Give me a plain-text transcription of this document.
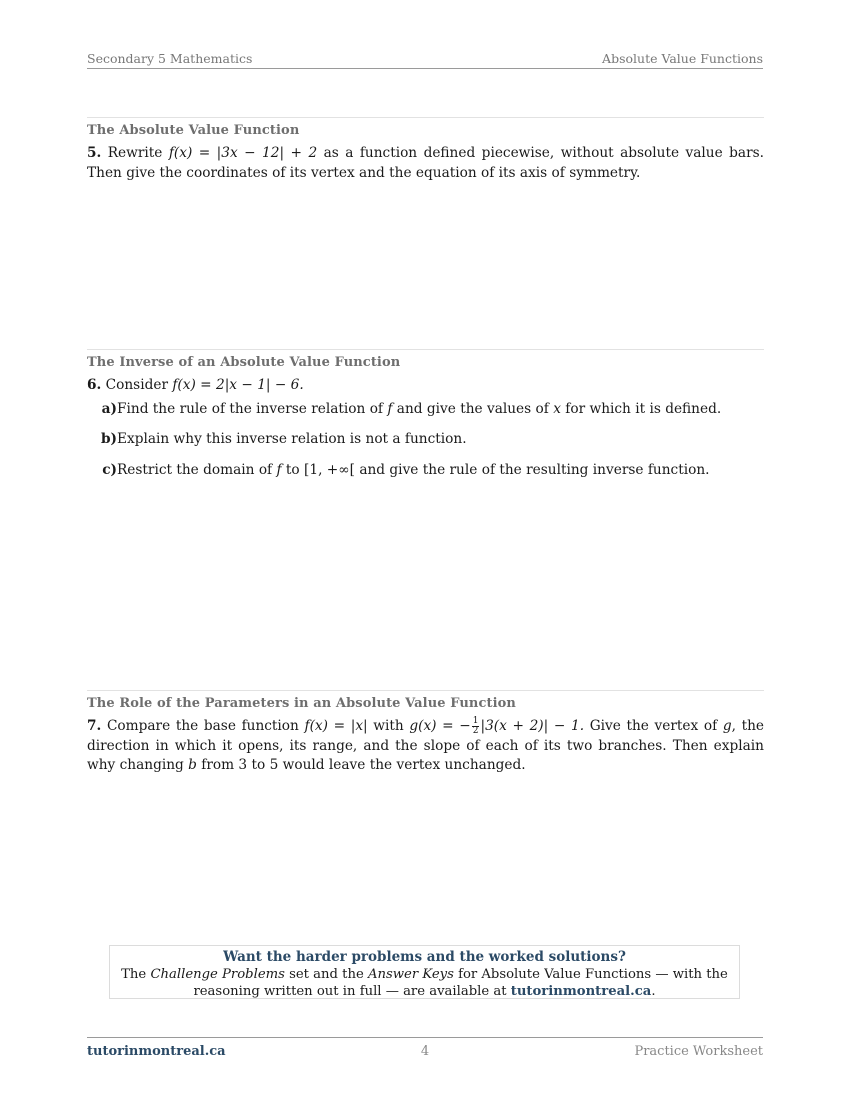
Secondary 5 Mathematics	Absolute Value Functions
The Absolute Value Function
5. Rewrite f(x) = |3x − 12| + 2 as a function defined piecewise, without absolute value bars. Then give the coordinates of its vertex and the equation of its axis of symmetry.
The Inverse of an Absolute Value Function
6. Consider f(x) = 2|x − 1| − 6.
a) Find the rule of the inverse relation of f and give the values of x for which it is defined.
b) Explain why this inverse relation is not a function.
c) Restrict the domain of f to [1, +∞[ and give the rule of the resulting inverse function.
The Role of the Parameters in an Absolute Value Function
7. Compare the base function f(x) = |x| with g(x) = − $\frac{1}{2} |3(x + 2)| - 1$. Give the vertex of g, the direction in which it opens, its range, and the slope of each of its two branches. Then explain why changing b from 3 to 5 would leave the vertex unchanged.
Want the harder problems and the worked solutions?
The Challenge Problems set and the Answer Keys for Absolute Value Functions — with the reasoning written out in full — are available at tutorinmontreal.ca.
tutorinmontreal.ca	4	Practice Worksheet
